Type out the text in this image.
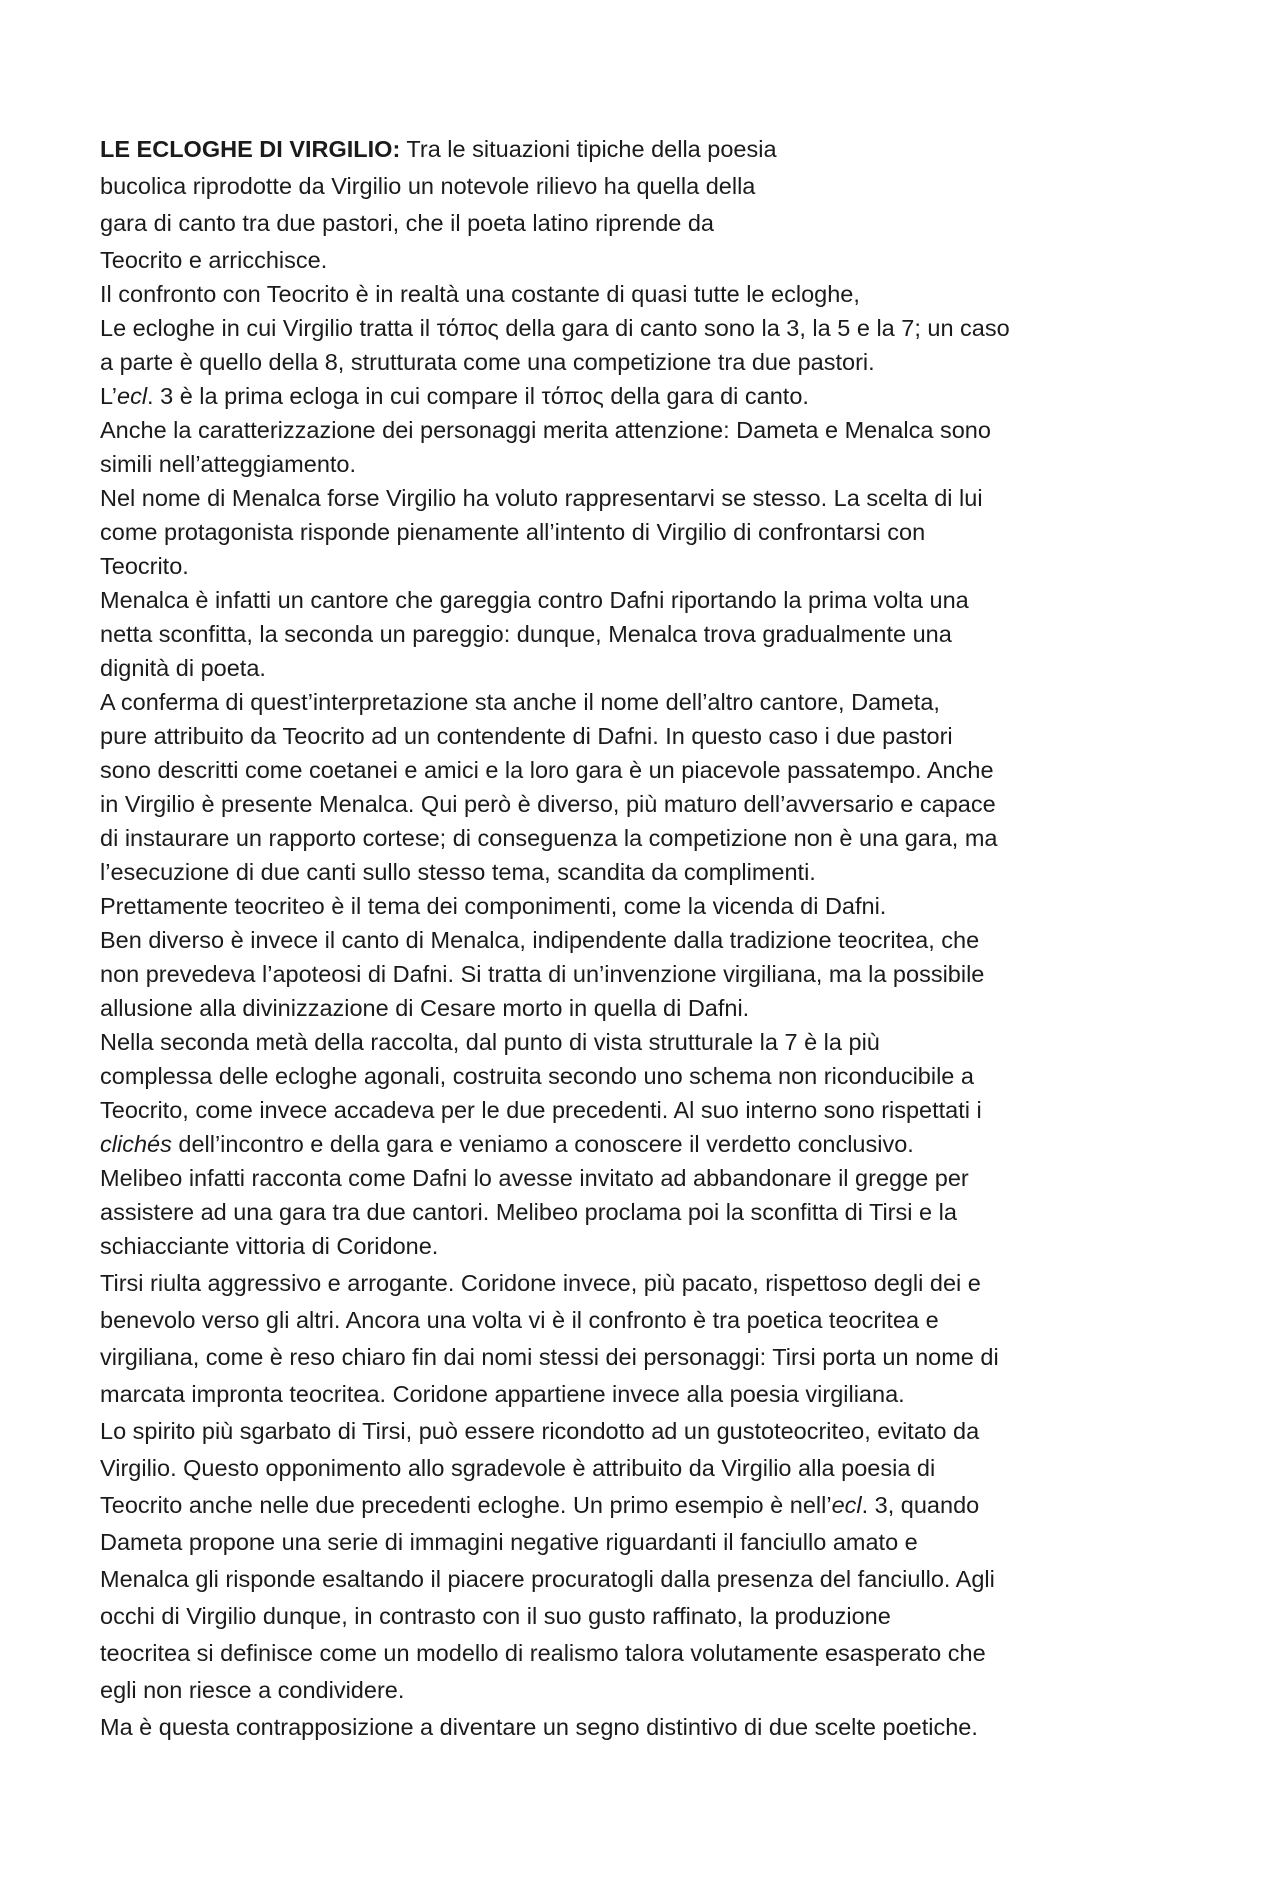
LE ECLOGHE DI VIRGILIO: Tra le situazioni tipiche della poesia
bucolica riprodotte da Virgilio un notevole rilievo ha quella della
gara di canto tra due pastori, che il poeta latino riprende da
Teocrito e arricchisce.
Il confronto con Teocrito è in realtà una costante di quasi tutte le ecloghe,
Le ecloghe in cui Virgilio tratta il τόπος della gara di canto sono la 3, la 5 e la 7; un caso
a parte è quello della 8, strutturata come una competizione tra due pastori.
L’ecl. 3 è la prima ecloga in cui compare il τόπος della gara di canto.
Anche la caratterizzazione dei personaggi merita attenzione: Dameta e Menalca sono
simili nell’atteggiamento.
Nel nome di Menalca forse Virgilio ha voluto rappresentarvi se stesso. La scelta di lui
come protagonista risponde pienamente all’intento di Virgilio di confrontarsi con
Teocrito.
Menalca è infatti un cantore che gareggia contro Dafni riportando la prima volta una
netta sconfitta, la seconda un pareggio: dunque, Menalca trova gradualmente una
dignità di poeta.
A conferma di quest’interpretazione sta anche il nome dell’altro cantore, Dameta,
pure attribuito da Teocrito ad un contendente di Dafni. In questo caso i due pastori
sono descritti come coetanei e amici e la loro gara è un piacevole passatempo. Anche
in Virgilio è presente Menalca. Qui però è diverso, più maturo dell’avversario e capace
di instaurare un rapporto cortese; di conseguenza la competizione non è una gara, ma
l’esecuzione di due canti sullo stesso tema, scandita da complimenti.
Prettamente teocriteo è il tema dei componimenti, come la vicenda di Dafni.
Ben diverso è invece il canto di Menalca, indipendente dalla tradizione teocritea, che
non prevedeva l’apoteosi di Dafni. Si tratta di un’invenzione virgiliana, ma la possibile
allusione alla divinizzazione di Cesare morto in quella di Dafni.
Nella seconda metà della raccolta, dal punto di vista strutturale la 7 è la più
complessa delle ecloghe agonali, costruita secondo uno schema non riconducibile a
Teocrito, come invece accadeva per le due precedenti. Al suo interno sono rispettati i
clichés dell’incontro e della gara e veniamo a conoscere il verdetto conclusivo.
Melibeo infatti racconta come Dafni lo avesse invitato ad abbandonare il gregge per
assistere ad una gara tra due cantori. Melibeo proclama poi la sconfitta di Tirsi e la
schiacciante vittoria di Coridone.
Tirsi riulta aggressivo e arrogante. Coridone invece, più pacato, rispettoso degli dei e
benevolo verso gli altri. Ancora una volta vi è il confronto è tra poetica teocritea e
virgiliana, come è reso chiaro fin dai nomi stessi dei personaggi: Tirsi porta un nome di
marcata impronta teocritea. Coridone appartiene invece alla poesia virgiliana.
Lo spirito più sgarbato di Tirsi, può essere ricondotto ad un gustoteocriteo, evitato da
Virgilio. Questo opponimento allo sgradevole è attribuito da Virgilio alla poesia di
Teocrito anche nelle due precedenti ecloghe. Un primo esempio è nell’ecl. 3, quando
Dameta propone una serie di immagini negative riguardanti il fanciullo amato e
Menalca gli risponde esaltando il piacere procuratogli dalla presenza del fanciullo. Agli
occhi di Virgilio dunque, in contrasto con il suo gusto raffinato, la produzione
teocritea si definisce come un modello di realismo talora volutamente esasperato che
egli non riesce a condividere.
Ma è questa contrapposizione a diventare un segno distintivo di due scelte poetiche.
